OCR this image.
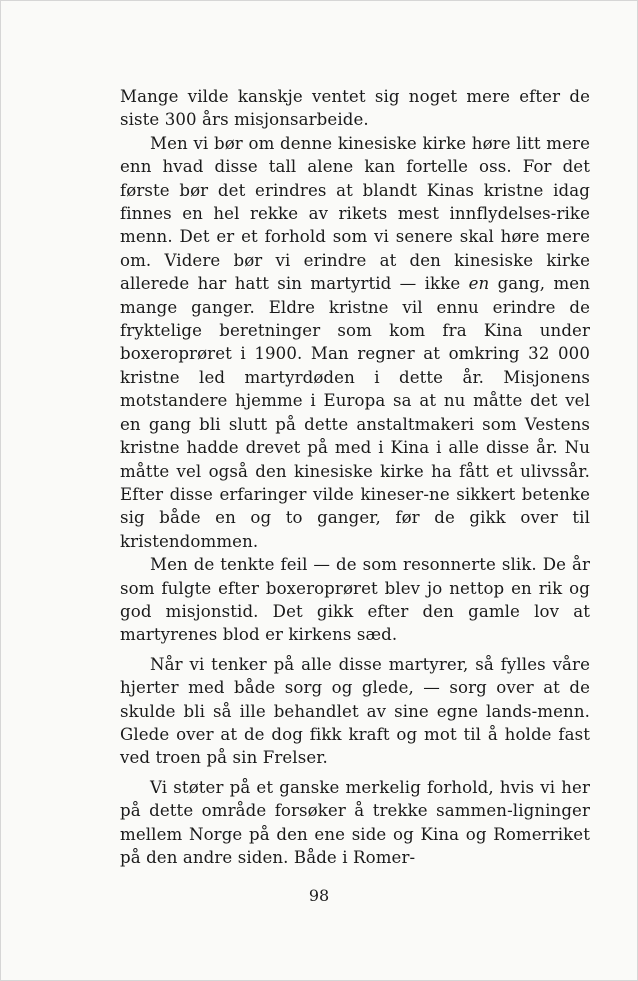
Mange vilde kanskje ventet sig noget mere efter de siste 300 års misjonsarbeide.

Men vi bør om denne kinesiske kirke høre litt mere enn hvad disse tall alene kan fortelle oss. For det første bør det erindres at blandt Kinas kristne idag finnes en hel rekke av rikets mest innflydelses-rike menn. Det er et forhold som vi senere skal høre mere om. Videre bør vi erindre at den kinesiske kirke allerede har hatt sin martyrtid — ikke en gang, men mange ganger. Eldre kristne vil ennu erindre de fryktelige beretninger som kom fra Kina under boxeroprøret i 1900. Man regner at omkring 32 000 kristne led martyrdøden i dette år. Misjonens motstandere hjemme i Europa sa at nu måtte det vel en gang bli slutt på dette anstaltmakeri som Vestens kristne hadde drevet på med i Kina i alle disse år. Nu måtte vel også den kinesiske kirke ha fått et ulivssår. Efter disse erfaringer vilde kineser-ne sikkert betenke sig både en og to ganger, før de gikk over til kristendommen.

Men de tenkte feil — de som resonnerte slik. De år som fulgte efter boxeroprøret blev jo nettop en rik og god misjonstid. Det gikk efter den gamle lov at martyrenes blod er kirkens sæd.

Når vi tenker på alle disse martyrer, så fylles våre hjerter med både sorg og glede, — sorg over at de skulde bli så ille behandlet av sine egne lands-menn. Glede over at de dog fikk kraft og mot til å holde fast ved troen på sin Frelser.

Vi støter på et ganske merkelig forhold, hvis vi her på dette område forsøker å trekke sammen-ligninger mellem Norge på den ene side og Kina og Romerriket på den andre siden. Både i Romer-

98
